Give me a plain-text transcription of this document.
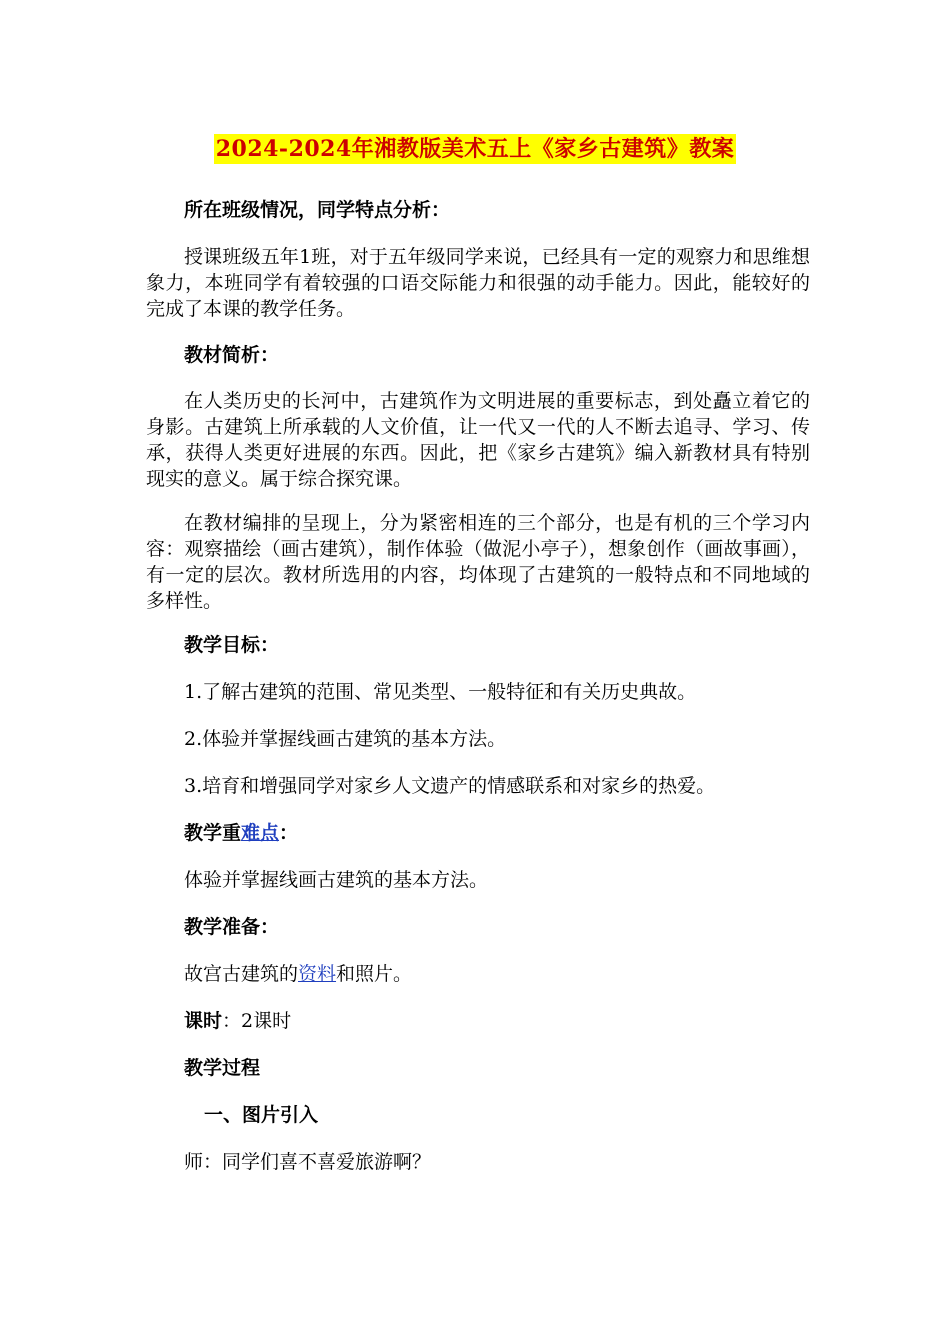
2024-2024年湘教版美术五上《家乡古建筑》教案

所在班级情况，同学特点分析：

授课班级五年1班，对于五年级同学来说，已经具有一定的观察力和思维想象力，本班同学有着较强的口语交际能力和很强的动手能力。因此，能较好的完成了本课的教学任务。

教材简析：

在人类历史的长河中，古建筑作为文明进展的重要标志，到处矗立着它的身影。古建筑上所承载的人文价值，让一代又一代的人不断去追寻、学习、传承，获得人类更好进展的东西。因此，把《家乡古建筑》编入新教材具有特别现实的意义。属于综合探究课。

在教材编排的呈现上，分为紧密相连的三个部分，也是有机的三个学习内容：观察描绘（画古建筑），制作体验（做泥小亭子），想象创作（画故事画），有一定的层次。教材所选用的内容，均体现了古建筑的一般特点和不同地域的多样性。

教学目标：

1.了解古建筑的范围、常见类型、一般特征和有关历史典故。

2.体验并掌握线画古建筑的基本方法。

3.培育和增强同学对家乡人文遗产的情感联系和对家乡的热爱。

教学重难点：

体验并掌握线画古建筑的基本方法。

教学准备：

故宫古建筑的资料和照片。

课时：2课时

教学过程

一、图片引入

师：同学们喜不喜爱旅游啊？
